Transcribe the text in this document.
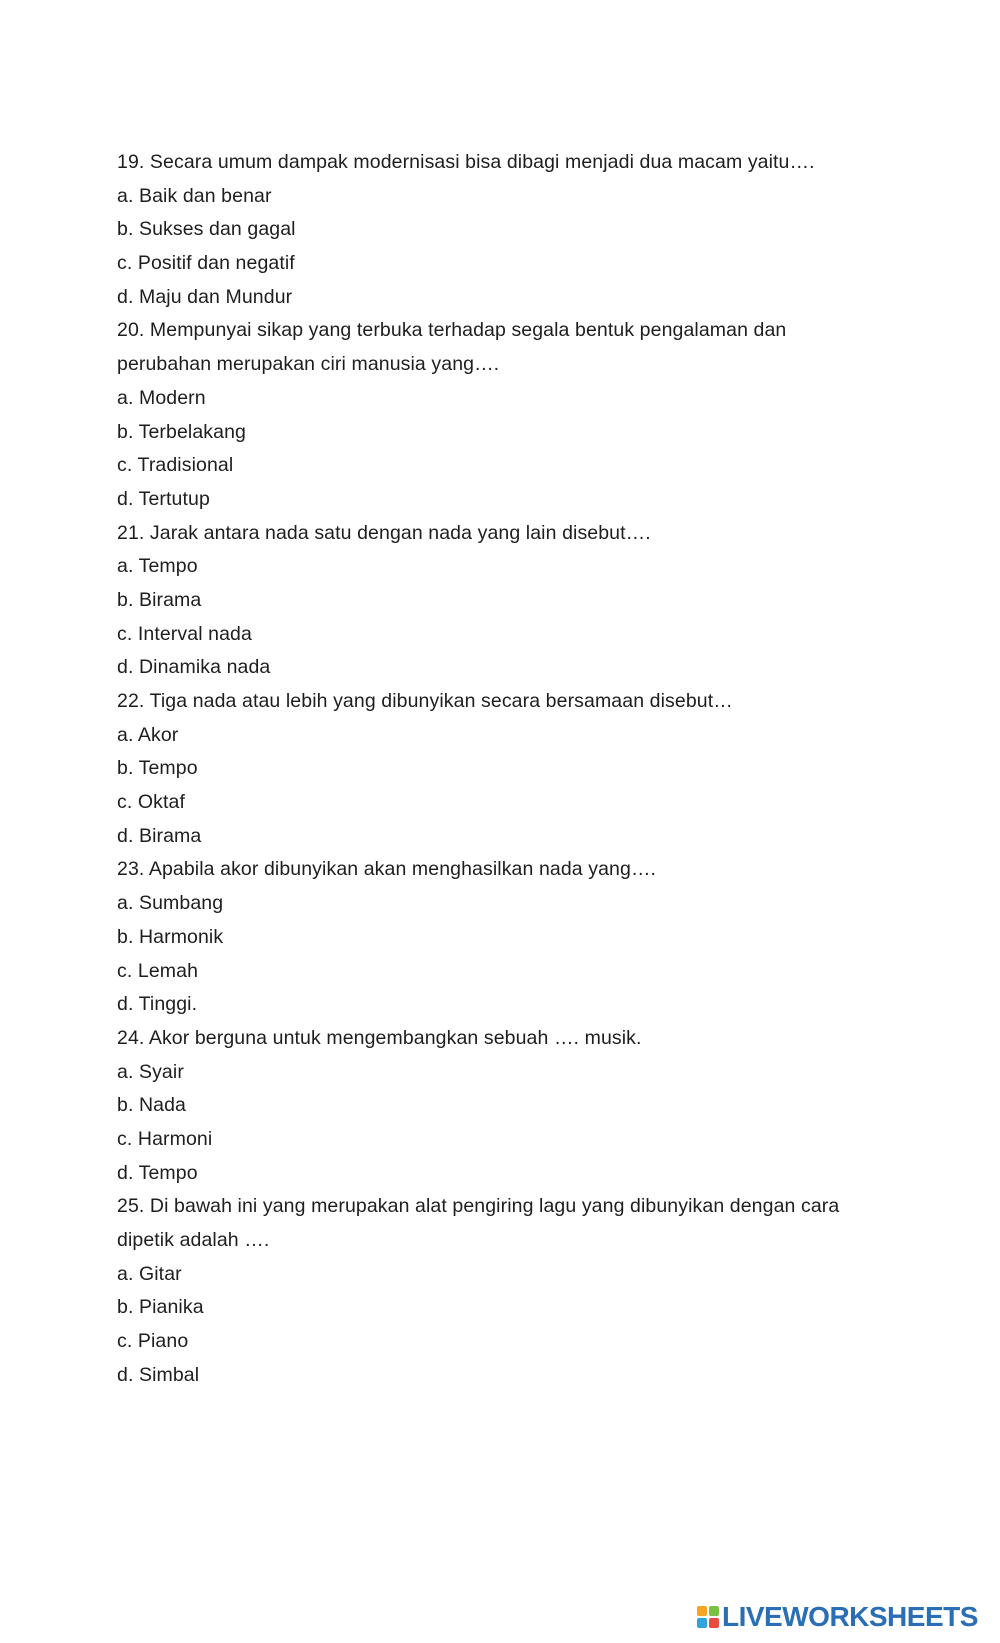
19. Secara umum dampak modernisasi bisa dibagi menjadi dua macam yaitu….
a. Baik dan benar
b. Sukses dan gagal
c. Positif dan negatif
d. Maju dan Mundur
20. Mempunyai sikap yang terbuka terhadap segala bentuk pengalaman dan
perubahan merupakan ciri manusia yang….
a. Modern
b. Terbelakang
c. Tradisional
d. Tertutup
21. Jarak antara nada satu dengan nada yang lain disebut….
a. Tempo
b. Birama
c. Interval nada
d. Dinamika nada
22. Tiga nada atau lebih yang dibunyikan secara bersamaan disebut…
a. Akor
b. Tempo
c. Oktaf
d. Birama
23. Apabila akor dibunyikan akan menghasilkan nada yang….
a. Sumbang
b. Harmonik
c. Lemah
d. Tinggi.
24. Akor berguna untuk mengembangkan sebuah …. musik.
a. Syair
b. Nada
c. Harmoni
d. Tempo
25. Di bawah ini yang merupakan alat pengiring lagu yang dibunyikan dengan cara
dipetik adalah ….
a. Gitar
b. Pianika
c. Piano
d. Simbal
LIVEWORKSHEETS
